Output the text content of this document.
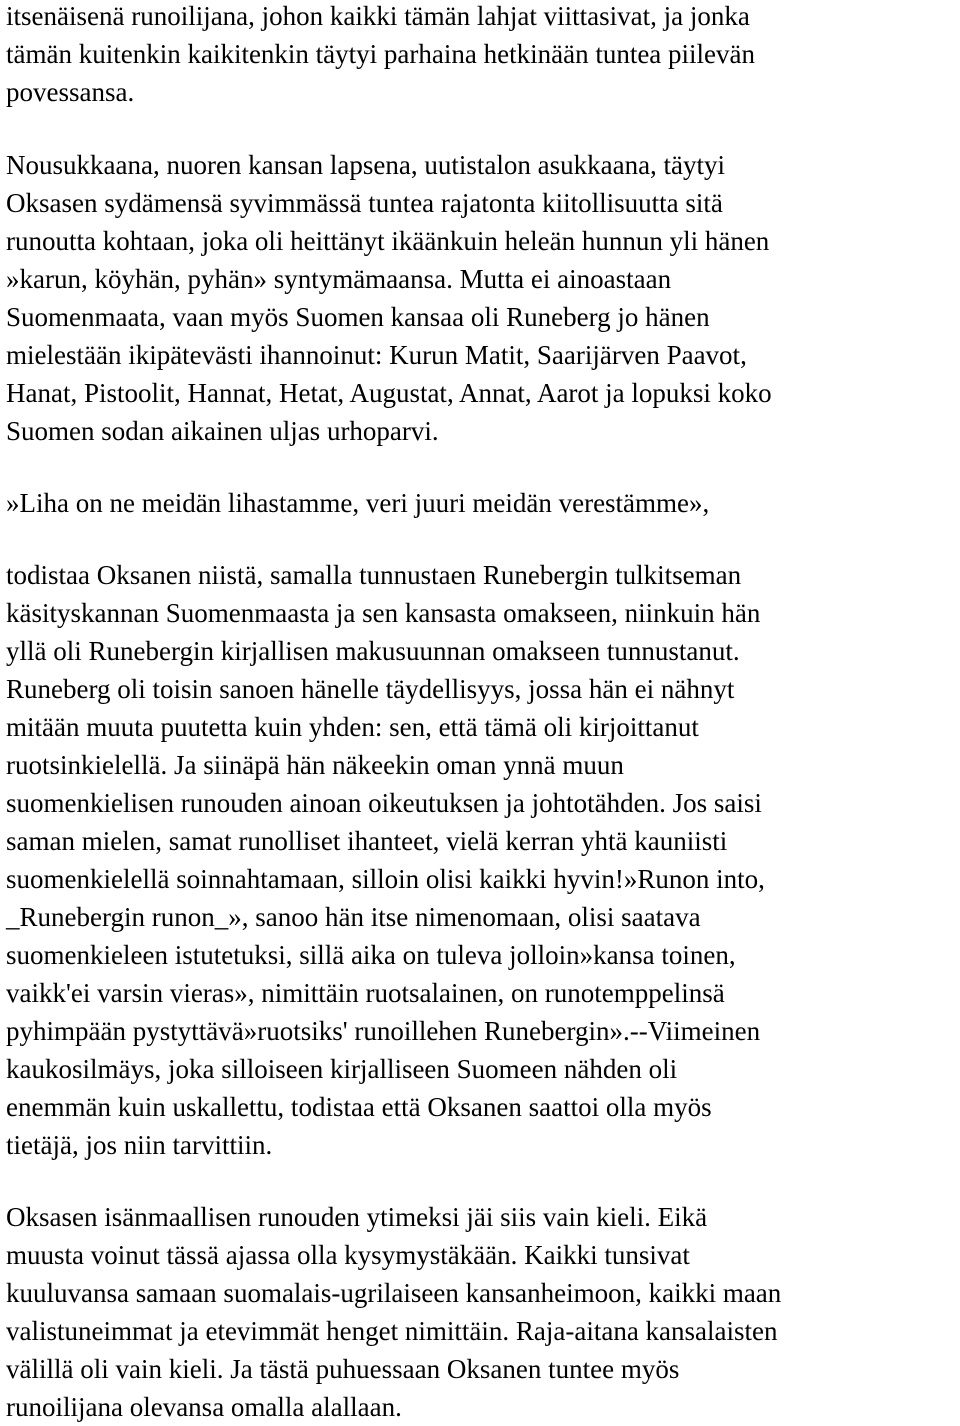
itsenäisenä runoilijana, johon kaikki tämän lahjat viittasivat, ja jonka

tämän kuitenkin kaikitenkin täytyi parhaina hetkinään tuntea piilevän

povessansa.

Nousukkaana, nuoren kansan lapsena, uutistalon asukkaana, täytyi

Oksasen sydämensä syvimmässä tuntea rajatonta kiitollisuutta sitä

runoutta kohtaan, joka oli heittänyt ikäänkuin heleän hunnun yli hänen

»karun, köyhän, pyhän» syntymämaansa. Mutta ei ainoastaan

Suomenmaata, vaan myös Suomen kansaa oli Runeberg jo hänen

mielestään ikipätevästi ihannoinut: Kurun Matit, Saarijärven Paavot,

Hanat, Pistoolit, Hannat, Hetat, Augustat, Annat, Aarot ja lopuksi koko

Suomen sodan aikainen uljas urhoparvi.

»Liha on ne meidän lihastamme, veri juuri meidän verestämme»,

todistaa Oksanen niistä, samalla tunnustaen Runebergin tulkitseman

käsityskannan Suomenmaasta ja sen kansasta omakseen, niinkuin hän

yllä oli Runebergin kirjallisen makusuunnan omakseen tunnustanut.

Runeberg oli toisin sanoen hänelle täydellisyys, jossa hän ei nähnyt

mitään muuta puutetta kuin yhden: sen, että tämä oli kirjoittanut

ruotsinkielellä. Ja siinäpä hän näkeekin oman ynnä muun

suomenkielisen runouden ainoan oikeutuksen ja johtotähden. Jos saisi

saman mielen, samat runolliset ihanteet, vielä kerran yhtä kauniisti

suomenkielellä soinnahtamaan, silloin olisi kaikki hyvin!»Runon into,

_Runebergin runon_», sanoo hän itse nimenomaan, olisi saatava

suomenkieleen istutetuksi, sillä aika on tuleva jolloin»kansa toinen,

vaikk'ei varsin vieras», nimittäin ruotsalainen, on runotemppelinsä

pyhimpään pystyttävä»ruotsiks' runoillehen Runebergin».--Viimeinen

kaukosilmäys, joka silloiseen kirjalliseen Suomeen nähden oli

enemmän kuin uskallettu, todistaa että Oksanen saattoi olla myös

tietäjä, jos niin tarvittiin.

Oksasen isänmaallisen runouden ytimeksi jäi siis vain kieli. Eikä

muusta voinut tässä ajassa olla kysymystäkään. Kaikki tunsivat

kuuluvansa samaan suomalais-ugrilaiseen kansanheimoon, kaikki maan

valistuneimmat ja etevimmät henget nimittäin. Raja-aitana kansalaisten

välillä oli vain kieli. Ja tästä puhuessaan Oksanen tuntee myös

runoilijana olevansa omalla alallaan.
